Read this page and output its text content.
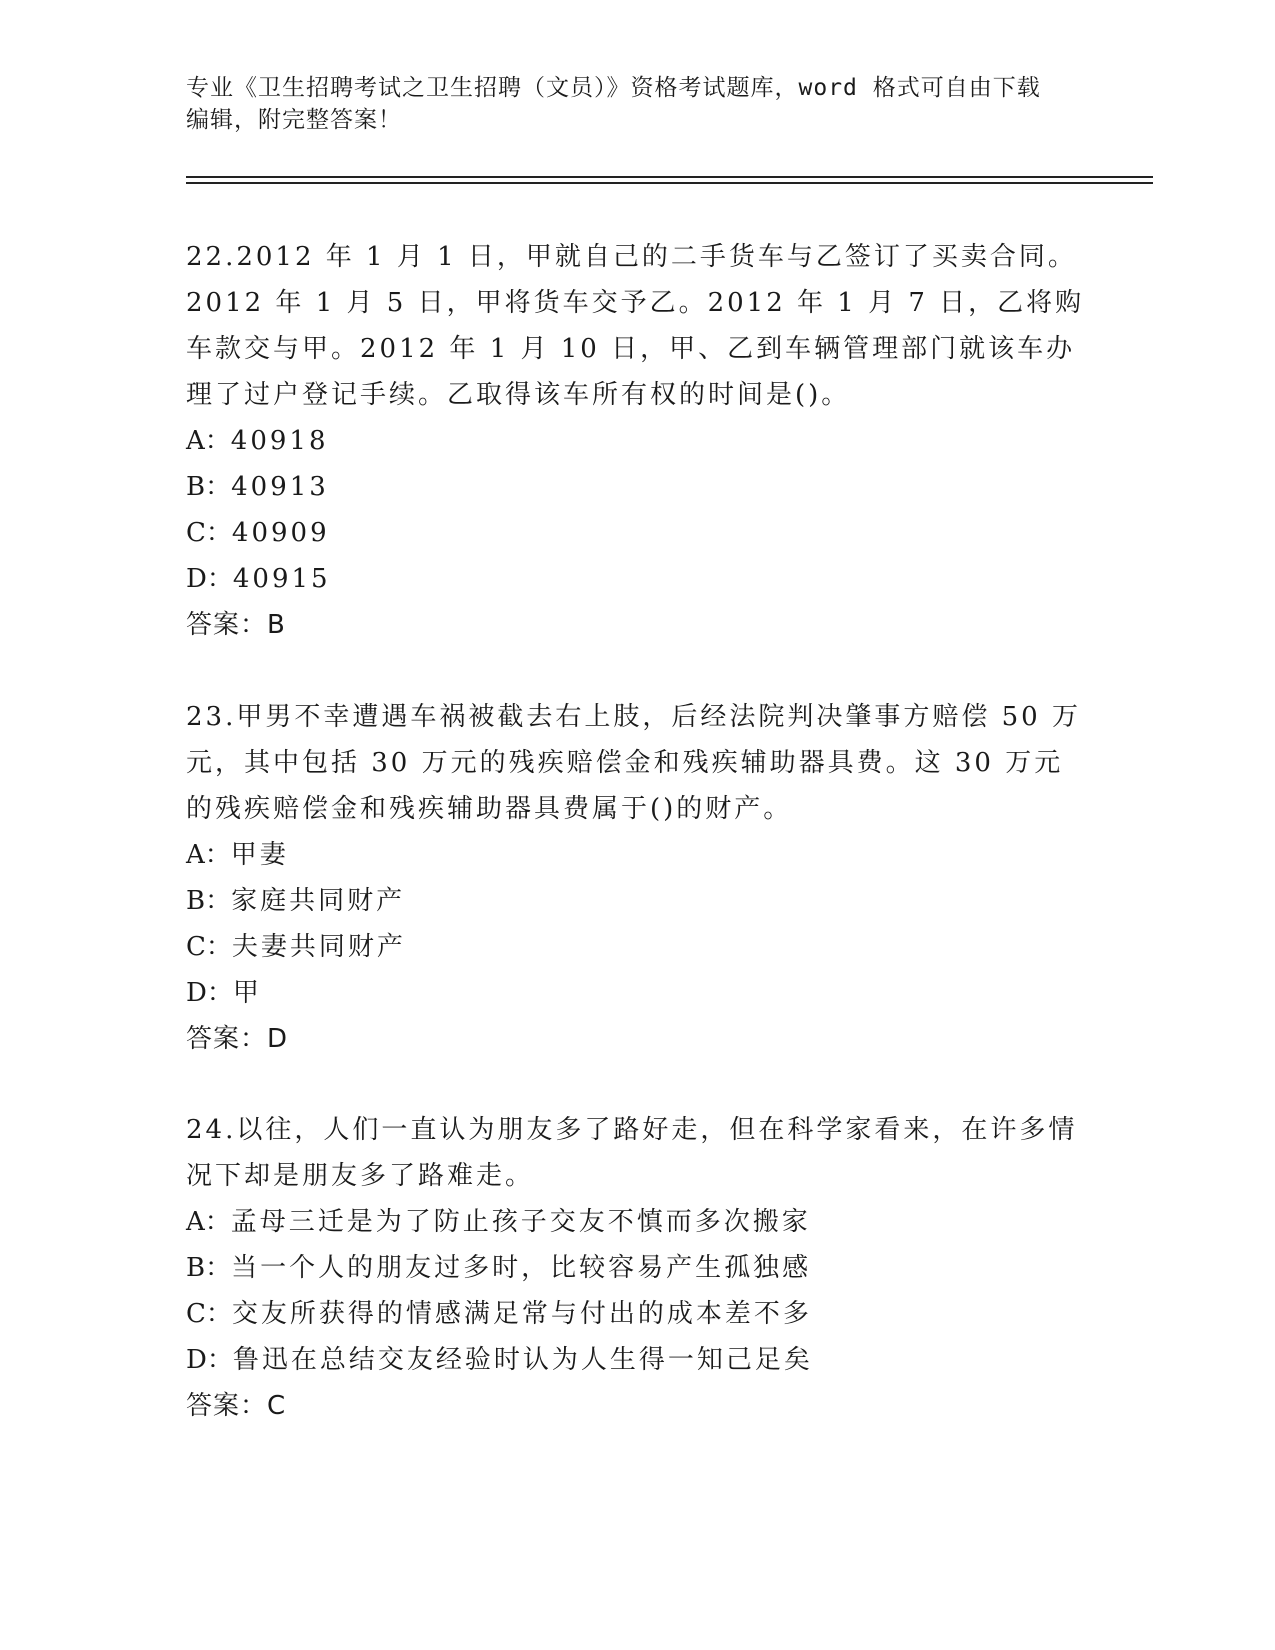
专业《卫生招聘考试之卫生招聘（文员）》资格考试题库，word 格式可自由下载
编辑，附完整答案！

22.2012 年 1 月 1 日，甲就自己的二手货车与乙签订了买卖合同。2012 年 1 月 5 日，甲将货车交予乙。2012 年 1 月 7 日，乙将购车款交与甲。2012 年 1 月 10 日，甲、乙到车辆管理部门就该车办理了过户登记手续。乙取得该车所有权的时间是()。

A：40918

B：40913

C：40909

D：40915

答案：B

23.甲男不幸遭遇车祸被截去右上肢，后经法院判决肇事方赔偿 50 万元，其中包括 30 万元的残疾赔偿金和残疾辅助器具费。这 30 万元的残疾赔偿金和残疾辅助器具费属于()的财产。

A：甲妻

B：家庭共同财产

C：夫妻共同财产

D：甲

答案：D

24.以往，人们一直认为朋友多了路好走，但在科学家看来，在许多情况下却是朋友多了路难走。

A：孟母三迁是为了防止孩子交友不慎而多次搬家

B：当一个人的朋友过多时，比较容易产生孤独感

C：交友所获得的情感满足常与付出的成本差不多

D：鲁迅在总结交友经验时认为人生得一知己足矣

答案：C
